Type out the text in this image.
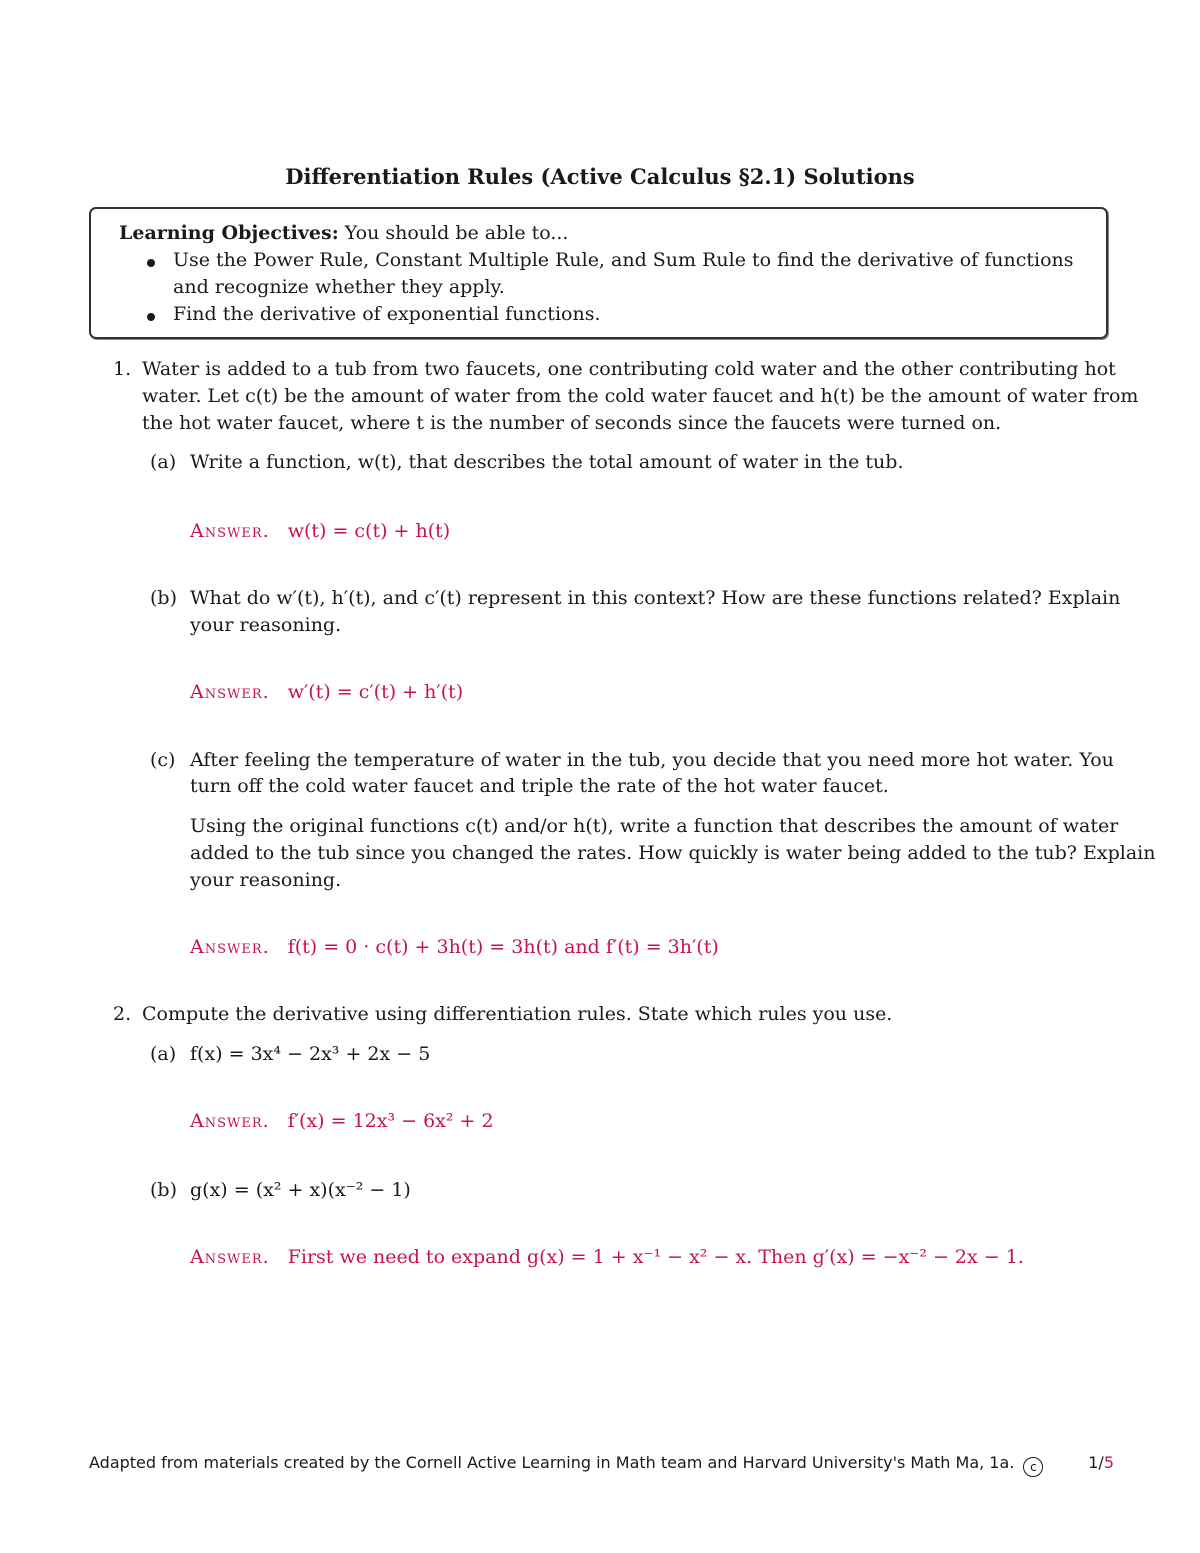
Differentiation Rules (Active Calculus §2.1) Solutions
Learning Objectives: You should be able to...
Use the Power Rule, Constant Multiple Rule, and Sum Rule to find the derivative of functions
and recognize whether they apply.
Find the derivative of exponential functions.
1. Water is added to a tub from two faucets, one contributing cold water and the other contributing hot
water. Let c(t) be the amount of water from the cold water faucet and h(t) be the amount of water from
the hot water faucet, where t is the number of seconds since the faucets were turned on.
(a) Write a function, w(t), that describes the total amount of water in the tub.
Answer. w(t) = c(t) + h(t)
(b) What do w′(t), h′(t), and c′(t) represent in this context? How are these functions related? Explain
your reasoning.
Answer. w′(t) = c′(t) + h′(t)
(c) After feeling the temperature of water in the tub, you decide that you need more hot water. You
turn off the cold water faucet and triple the rate of the hot water faucet.
Using the original functions c(t) and/or h(t), write a function that describes the amount of water
added to the tub since you changed the rates. How quickly is water being added to the tub? Explain
your reasoning.
Answer. f(t) = 0 · c(t) + 3h(t) = 3h(t) and f′(t) = 3h′(t)
2. Compute the derivative using differentiation rules. State which rules you use.
(a) f(x) = 3x⁴ − 2x³ + 2x − 5
Answer. f′(x) = 12x³ − 6x² + 2
(b) g(x) = (x² + x)(x⁻² − 1)
Answer. First we need to expand g(x) = 1 + x⁻¹ − x² − x. Then g′(x) = −x⁻² − 2x − 1.
Adapted from materials created by the Cornell Active Learning in Math team and Harvard University's Math Ma, 1a. c	1/5
